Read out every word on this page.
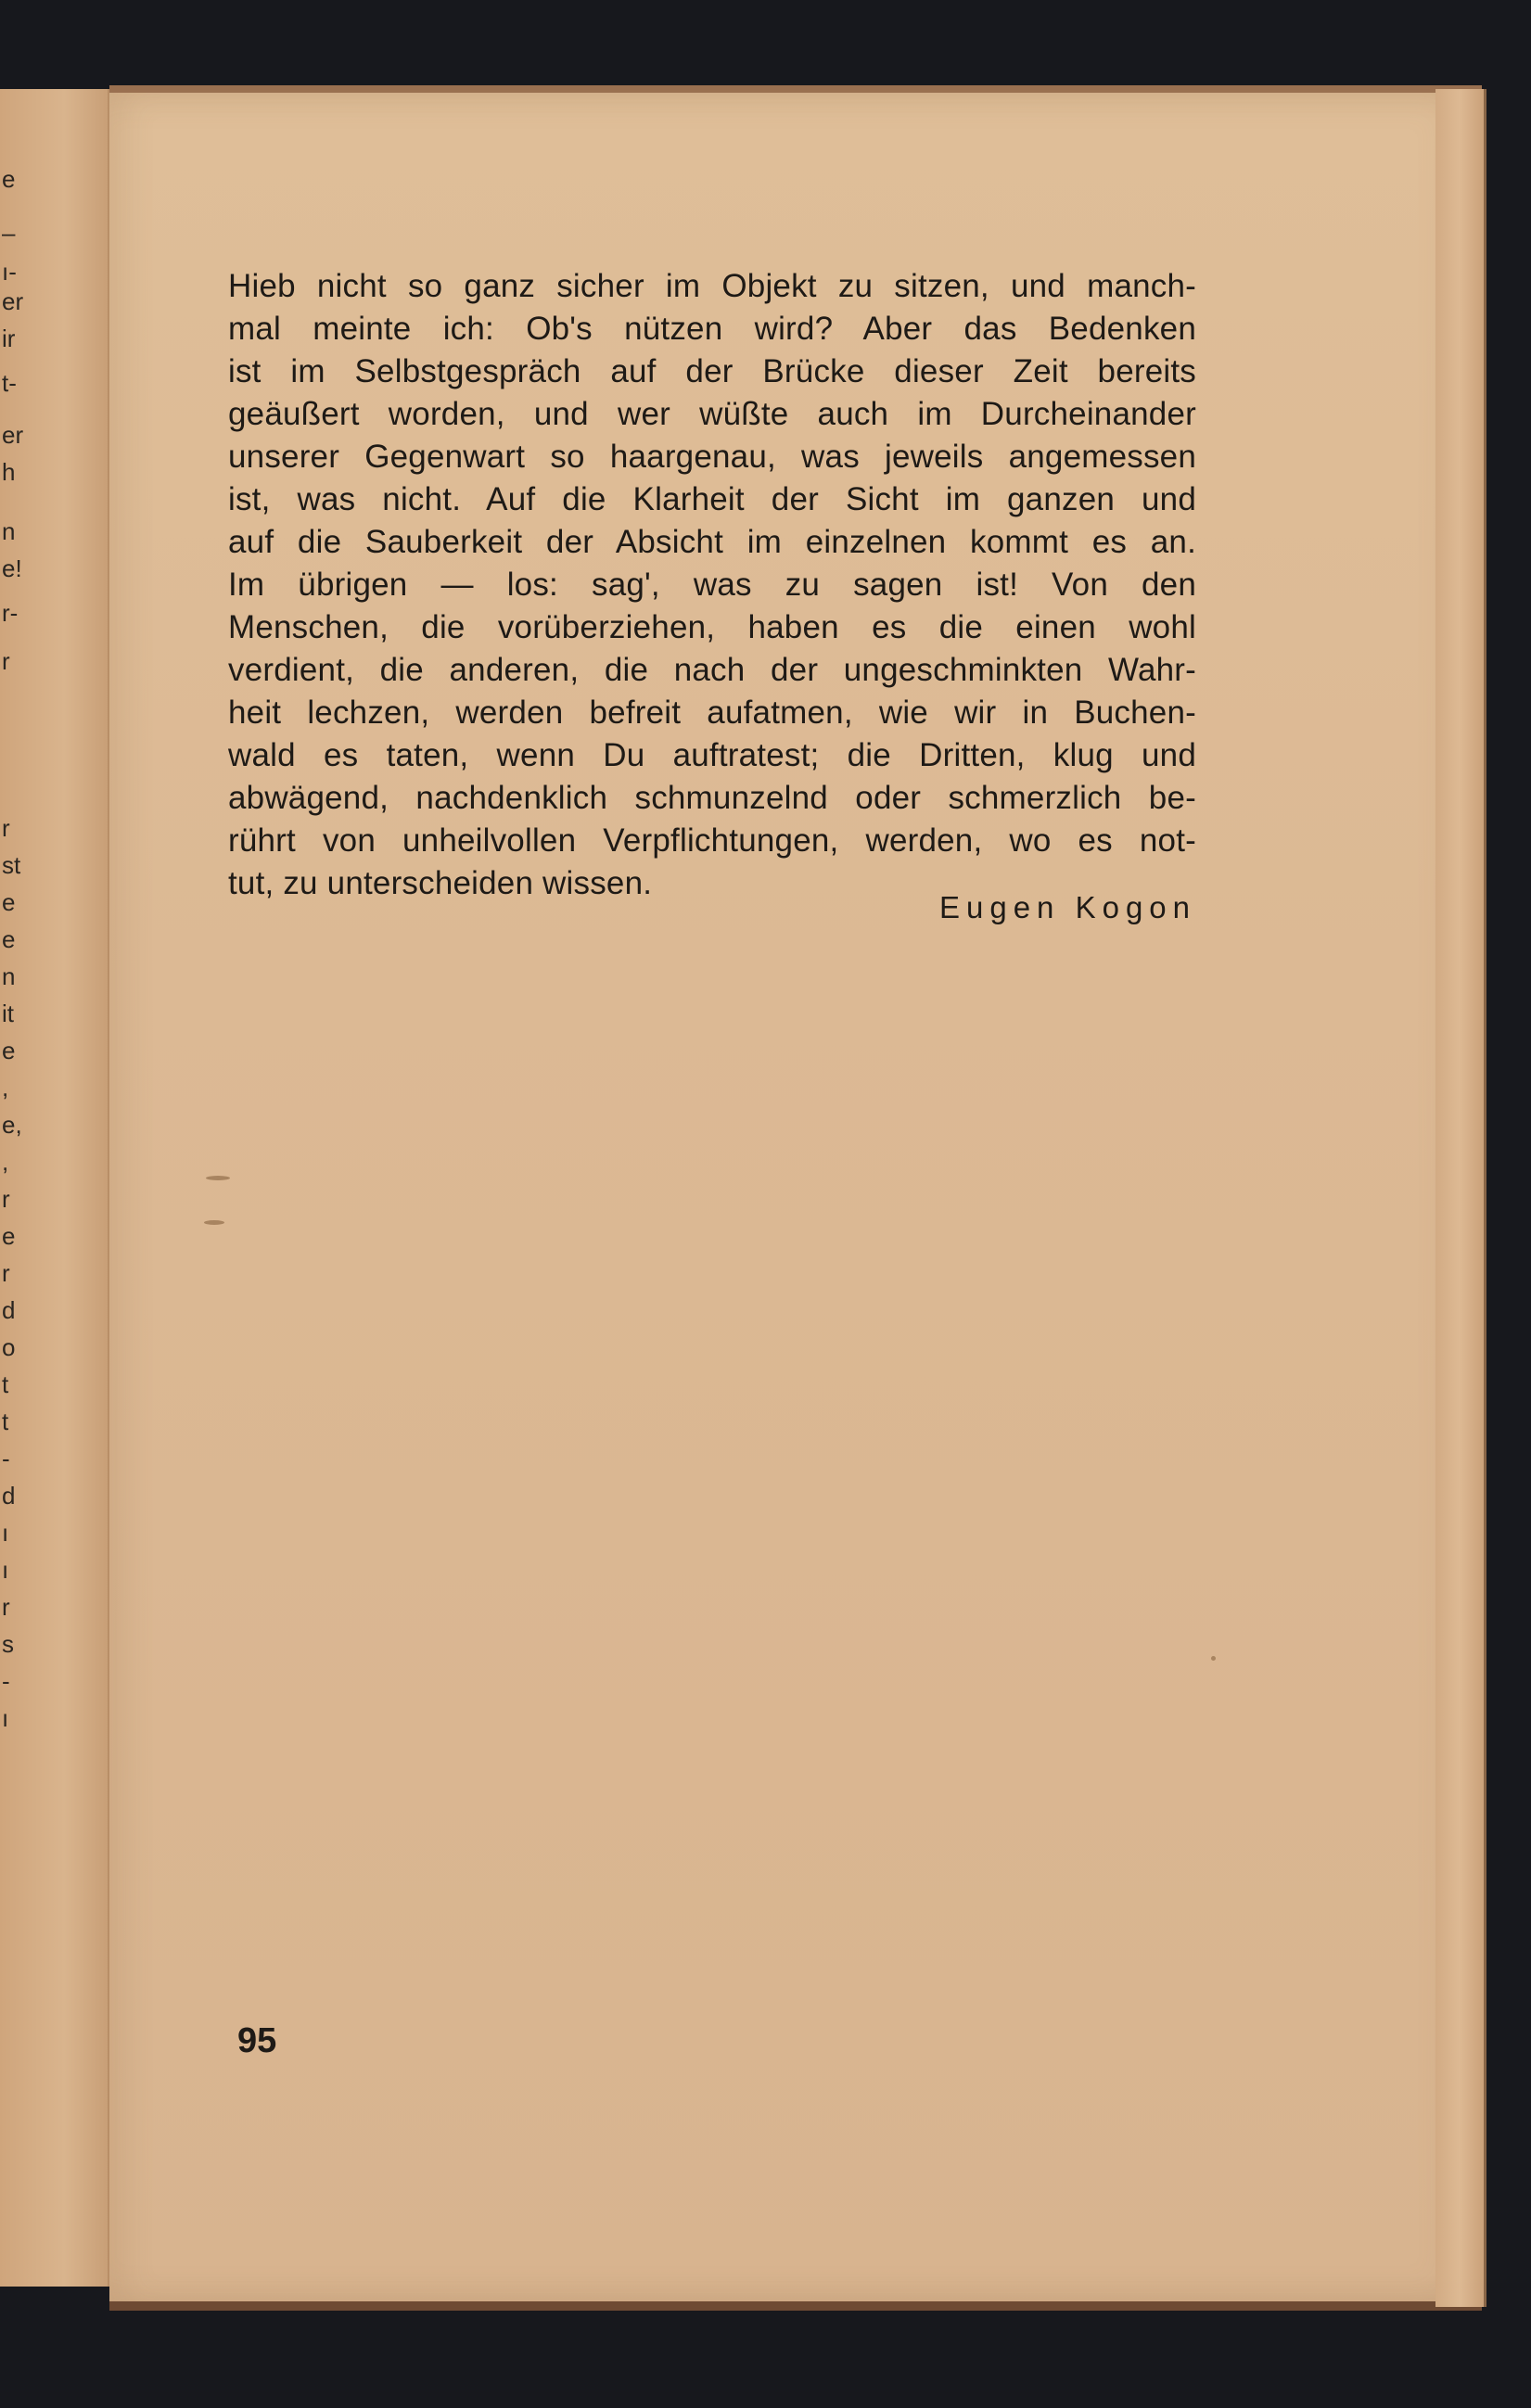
e
–
ı-
er
ir
t-
er
h
n
e!
r-
r
r
st
e
e
n
it
e
,
e,
,
r
e
r
d
o
t
t
-
d
ı
ı
r
s
-
ı
Hieb nicht so ganz sicher im Objekt zu sitzen, und manch-
mal meinte ich: Ob's nützen wird? Aber das Bedenken
ist im Selbstgespräch auf der Brücke dieser Zeit bereits
geäußert worden, und wer wüßte auch im Durcheinander
unserer Gegenwart so haargenau, was jeweils angemessen
ist, was nicht. Auf die Klarheit der Sicht im ganzen und
auf die Sauberkeit der Absicht im einzelnen kommt es an.
Im übrigen — los: sag', was zu sagen ist! Von den
Menschen, die vorüberziehen, haben es die einen wohl
verdient, die anderen, die nach der ungeschminkten Wahr-
heit lechzen, werden befreit aufatmen, wie wir in Buchen-
wald es taten, wenn Du auftratest; die Dritten, klug und
abwägend, nachdenklich schmunzelnd oder schmerzlich be-
rührt von unheilvollen Verpflichtungen, werden, wo es not-
tut, zu unterscheiden wissen.
Eugen Kogon
95
